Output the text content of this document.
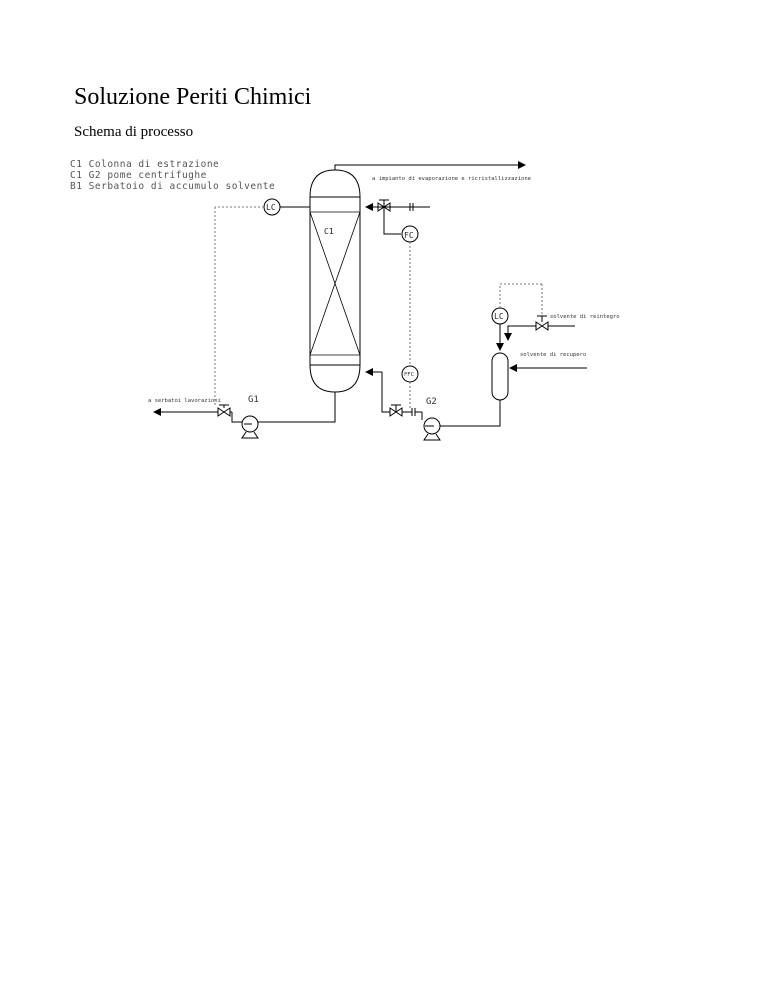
Soluzione Periti Chimici

Schema di processo

C1 Colonna di estrazione
C1 G2 pome centrifughe
B1 Serbatoio di accumulo solvente
C1
a impianto di evaporazione e ricristallizzazione
FC
FFC
G2
solvente di recupero
LC	solvente di reintegro
LC
G1
a serbatoi lavorazioni
